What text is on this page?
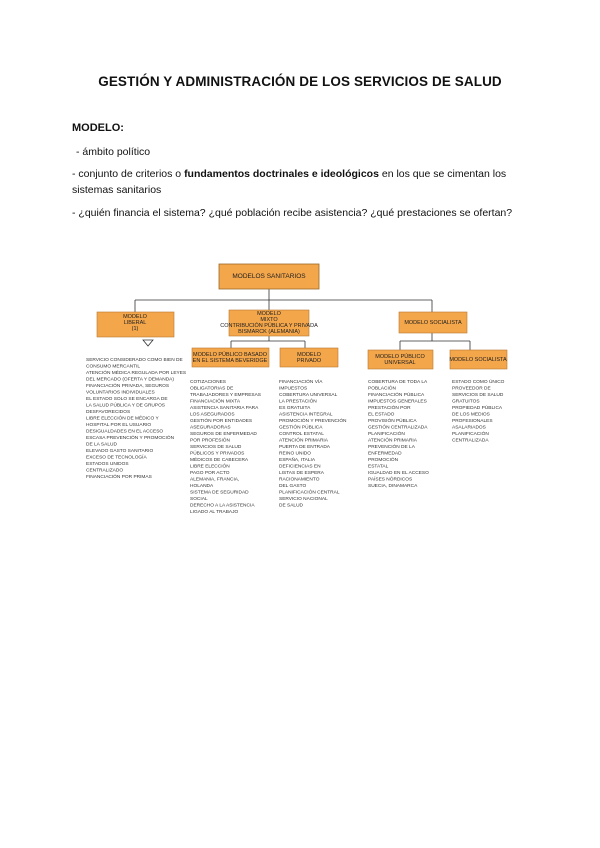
GESTIÓN Y ADMINISTRACIÓN DE LOS SERVICIOS DE SALUD
MODELO:
- ámbito político
- conjunto de criterios o fundamentos doctrinales e ideológicos en los que se cimentan los sistemas sanitarios
- ¿quién financia el sistema? ¿qué población recibe asistencia? ¿qué prestaciones se ofertan?
MODELOS SANITARIOS
MODELO LIBERAL (1)
MODELO MIXTO CONTRIBUCIÓN PÚBLICA Y PRIVADA BISMARCK (ALEMANIA)
MODELO SOCIALISTA
MODELO PÚBLICO BASADO EN EL SISTEMA BEVERIDGE
MODELO PRIVADO
MODELO PÚBLICO UNIVERSAL	MODELO SOCIALISTA
SERVICIO CONSIDERADO COMO BIEN DE CONSUMO MERCANTIL ATENCIÓN MÉDICA REGULADA POR LEYES DEL MERCADO (OFERTA Y DEMANDA) FINANCIACIÓN PRIVADA, SEGUROS VOLUNTARIOS INDIVIDUALES EL ESTADO SOLO SE ENCARGA DE LA SALUD PÚBLICA Y DE GRUPOS DESFAVORECIDOS LIBRE ELECCIÓN DE MÉDICO Y HOSPITAL POR EL USUARIO DESIGUALDADES EN EL ACCESO ESCASA PREVENCIÓN Y PROMOCIÓN DE LA SALUD ELEVADO GASTO SANITARIO EXCESO DE TECNOLOGÍA ESTADOS UNIDOS CENTRALIZADO FINANCIACIÓN POR PRIMAS
COTIZACIONES OBLIGATORIAS DE TRABAJADORES Y EMPRESAS FINANCIACIÓN MIXTA ASISTENCIA SANITARIA PARA LOS ASEGURADOS GESTIÓN POR ENTIDADES ASEGURADORAS SEGUROS DE ENFERMEDAD POR PROFESIÓN SERVICIOS DE SALUD PÚBLICOS Y PRIVADOS MÉDICOS DE CABECERA LIBRE ELECCIÓN PAGO POR ACTO ALEMANIA, FRANCIA, HOLANDA SISTEMA DE SEGURIDAD SOCIAL DERECHO A LA ASISTENCIA LIGADO AL TRABAJO
FINANCIACIÓN VÍA IMPUESTOS COBERTURA UNIVERSAL LA PRESTACIÓN ES GRATUITA ASISTENCIA INTEGRAL PROMOCIÓN Y PREVENCIÓN GESTIÓN PÚBLICA CONTROL ESTATAL ATENCIÓN PRIMARIA PUERTA DE ENTRADA REINO UNIDO ESPAÑA, ITALIA DEFICIENCIAS EN LISTAS DE ESPERA RACIONAMIENTO DEL GASTO PLANIFICACIÓN CENTRAL SERVICIO NACIONAL DE SALUD
COBERTURA DE TODA LA POBLACIÓN FINANCIACIÓN PÚBLICA IMPUESTOS GENERALES PRESTACIÓN POR EL ESTADO PROVISIÓN PÚBLICA GESTIÓN CENTRALIZADA PLANIFICACIÓN ATENCIÓN PRIMARIA PREVENCIÓN DE LA ENFERMEDAD PROMOCIÓN ESTATAL IGUALDAD EN EL ACCESO PAÍSES NÓRDICOS SUECIA, DINAMARCA
ESTADO COMO ÚNICO PROVEEDOR DE SERVICIOS DE SALUD GRATUITOS PROPIEDAD PÚBLICA DE LOS MEDIOS PROFESIONALES ASALARIADOS PLANIFICACIÓN CENTRALIZADA
